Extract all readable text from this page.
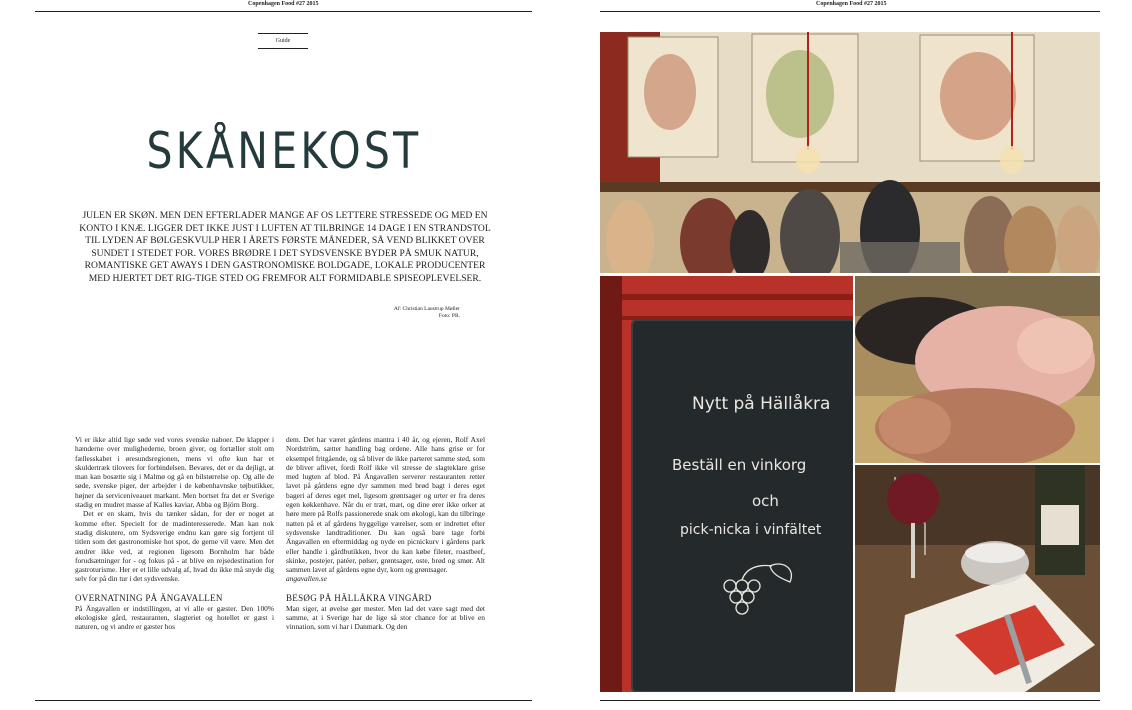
Copenhagen Food #27 2015
Guide
SKÅNEKOST
JULEN ER SKØN. MEN DEN EFTERLADER MANGE AF OS LETTERE STRESSEDE OG MED EN KONTO I KNÆ. LIGGER DET IKKE JUST I LUFTEN AT TILBRINGE 14 DAGE I EN STRANDSTOL TIL LYDEN AF BØLGESKVULP HER I ÅRETS FØRSTE MÅNEDER, SÅ VEND BLIKKET OVER SUNDET I STEDET FOR. VORES BRØDRE I DET SYDSVENSKE BYDER PÅ SMUK NATUR, ROMANTISKE GET AWAYS I DEN GASTRONOMISKE BOLDGADE, LOKALE PRODUCENTER MED HJERTET DET RIG-TIGE STED OG FREMFOR ALT FORMIDABLE SPISEOPLEVELSER.
Af: Christian Laustrup Møller
Foto: PR.

Vi er ikke altid lige søde ved vores svenske naboer. De klapper i hænderne over mulighederne, broen giver, og fortæller stolt om fællesskabet i øresundsregionen, mens vi ofte kun har et skuldertræk tilovers for forbindelsen. Bevares, det er da dejligt, at man kan bosætte sig i Malmø og gå en bilstørrelse op. Og alle de søde, svenske piger, der arbejder i de københavnske tøjbutikker, højner da serviceniveauet markant. Men bortset fra det er Sverige stadig en mudret masse af Kalles kaviar, Abba og Björn Borg.

Det er en skam, hvis du tænker sådan, for der er noget at komme efter. Specielt for de madinteresserede. Man kan nok stadig diskutere, om Sydsverige endnu kan gøre sig fortjent til titlen som det gastronomiske hot spot, de gerne vil være. Men det ændrer ikke ved, at regionen ligesom Bornholm har både forudsætninger for - og fokus på - at blive en rejsedestination for gastroturisme. Her er et lille udvalg af, hvad du ikke må snyde dig selv for på din tur i det sydsvenske.

OVERNATNING PÅ ÄNGAVALLEN

På Ängavallen er indstillingen, at vi alle er gæster. Den 100% økologiske gård, restauranten, slagteriet og hotellet er gæst i naturen, og vi andre er gæster hos

dem. Det har været gårdens mantra i 40 år, og ejeren, Rolf Axel Nordström, sætter handling bag ordene. Alle hans grise er for eksempel fritgående, og så bliver de ikke parteret samme sted, som de bliver aflivet, fordi Rolf ikke vil stresse de slagteklare grise med lugten af blod. På Ängavallen serverer restauranten retter lavet på gårdens egne dyr sammen med brød bagt i deres eget bageri af deres eget mel, ligesom grøntsager og urter er fra deres egen køkkenhave. Når du er træt, mæt, og dine ører ikke orker at høre mere på Rolfs passionerede snak om økologi, kan du tilbringe natten på et af gårdens hyggelige værelser, som er indrettet efter sydsvenske landtraditioner. Du kan også bare tage forbi Ängavallen en eftermiddag og nyde en picnickurv i gårdens park eller handle i gårdbutikken, hvor du kan købe fileter, roastbeef, skinke, postejer, patéer, pølser, grøntsager, oste, brød og smør. Alt sammen lavet af gårdens egne dyr, korn og grøntsager.

angavallen.se

BESØG PÅ HÄLLÅKRA VINGÅRD

Man siger, at øvelse gør mester. Men lad det være sagt med det samme, at i Sverige har de lige så stor chance for at blive en vinnation, som vi har i Danmark. Og den

Copenhagen Food #27 2015
Nytt på Hällåkra
Beställ en vinkorg
och
pick-nicka i vinfältet
